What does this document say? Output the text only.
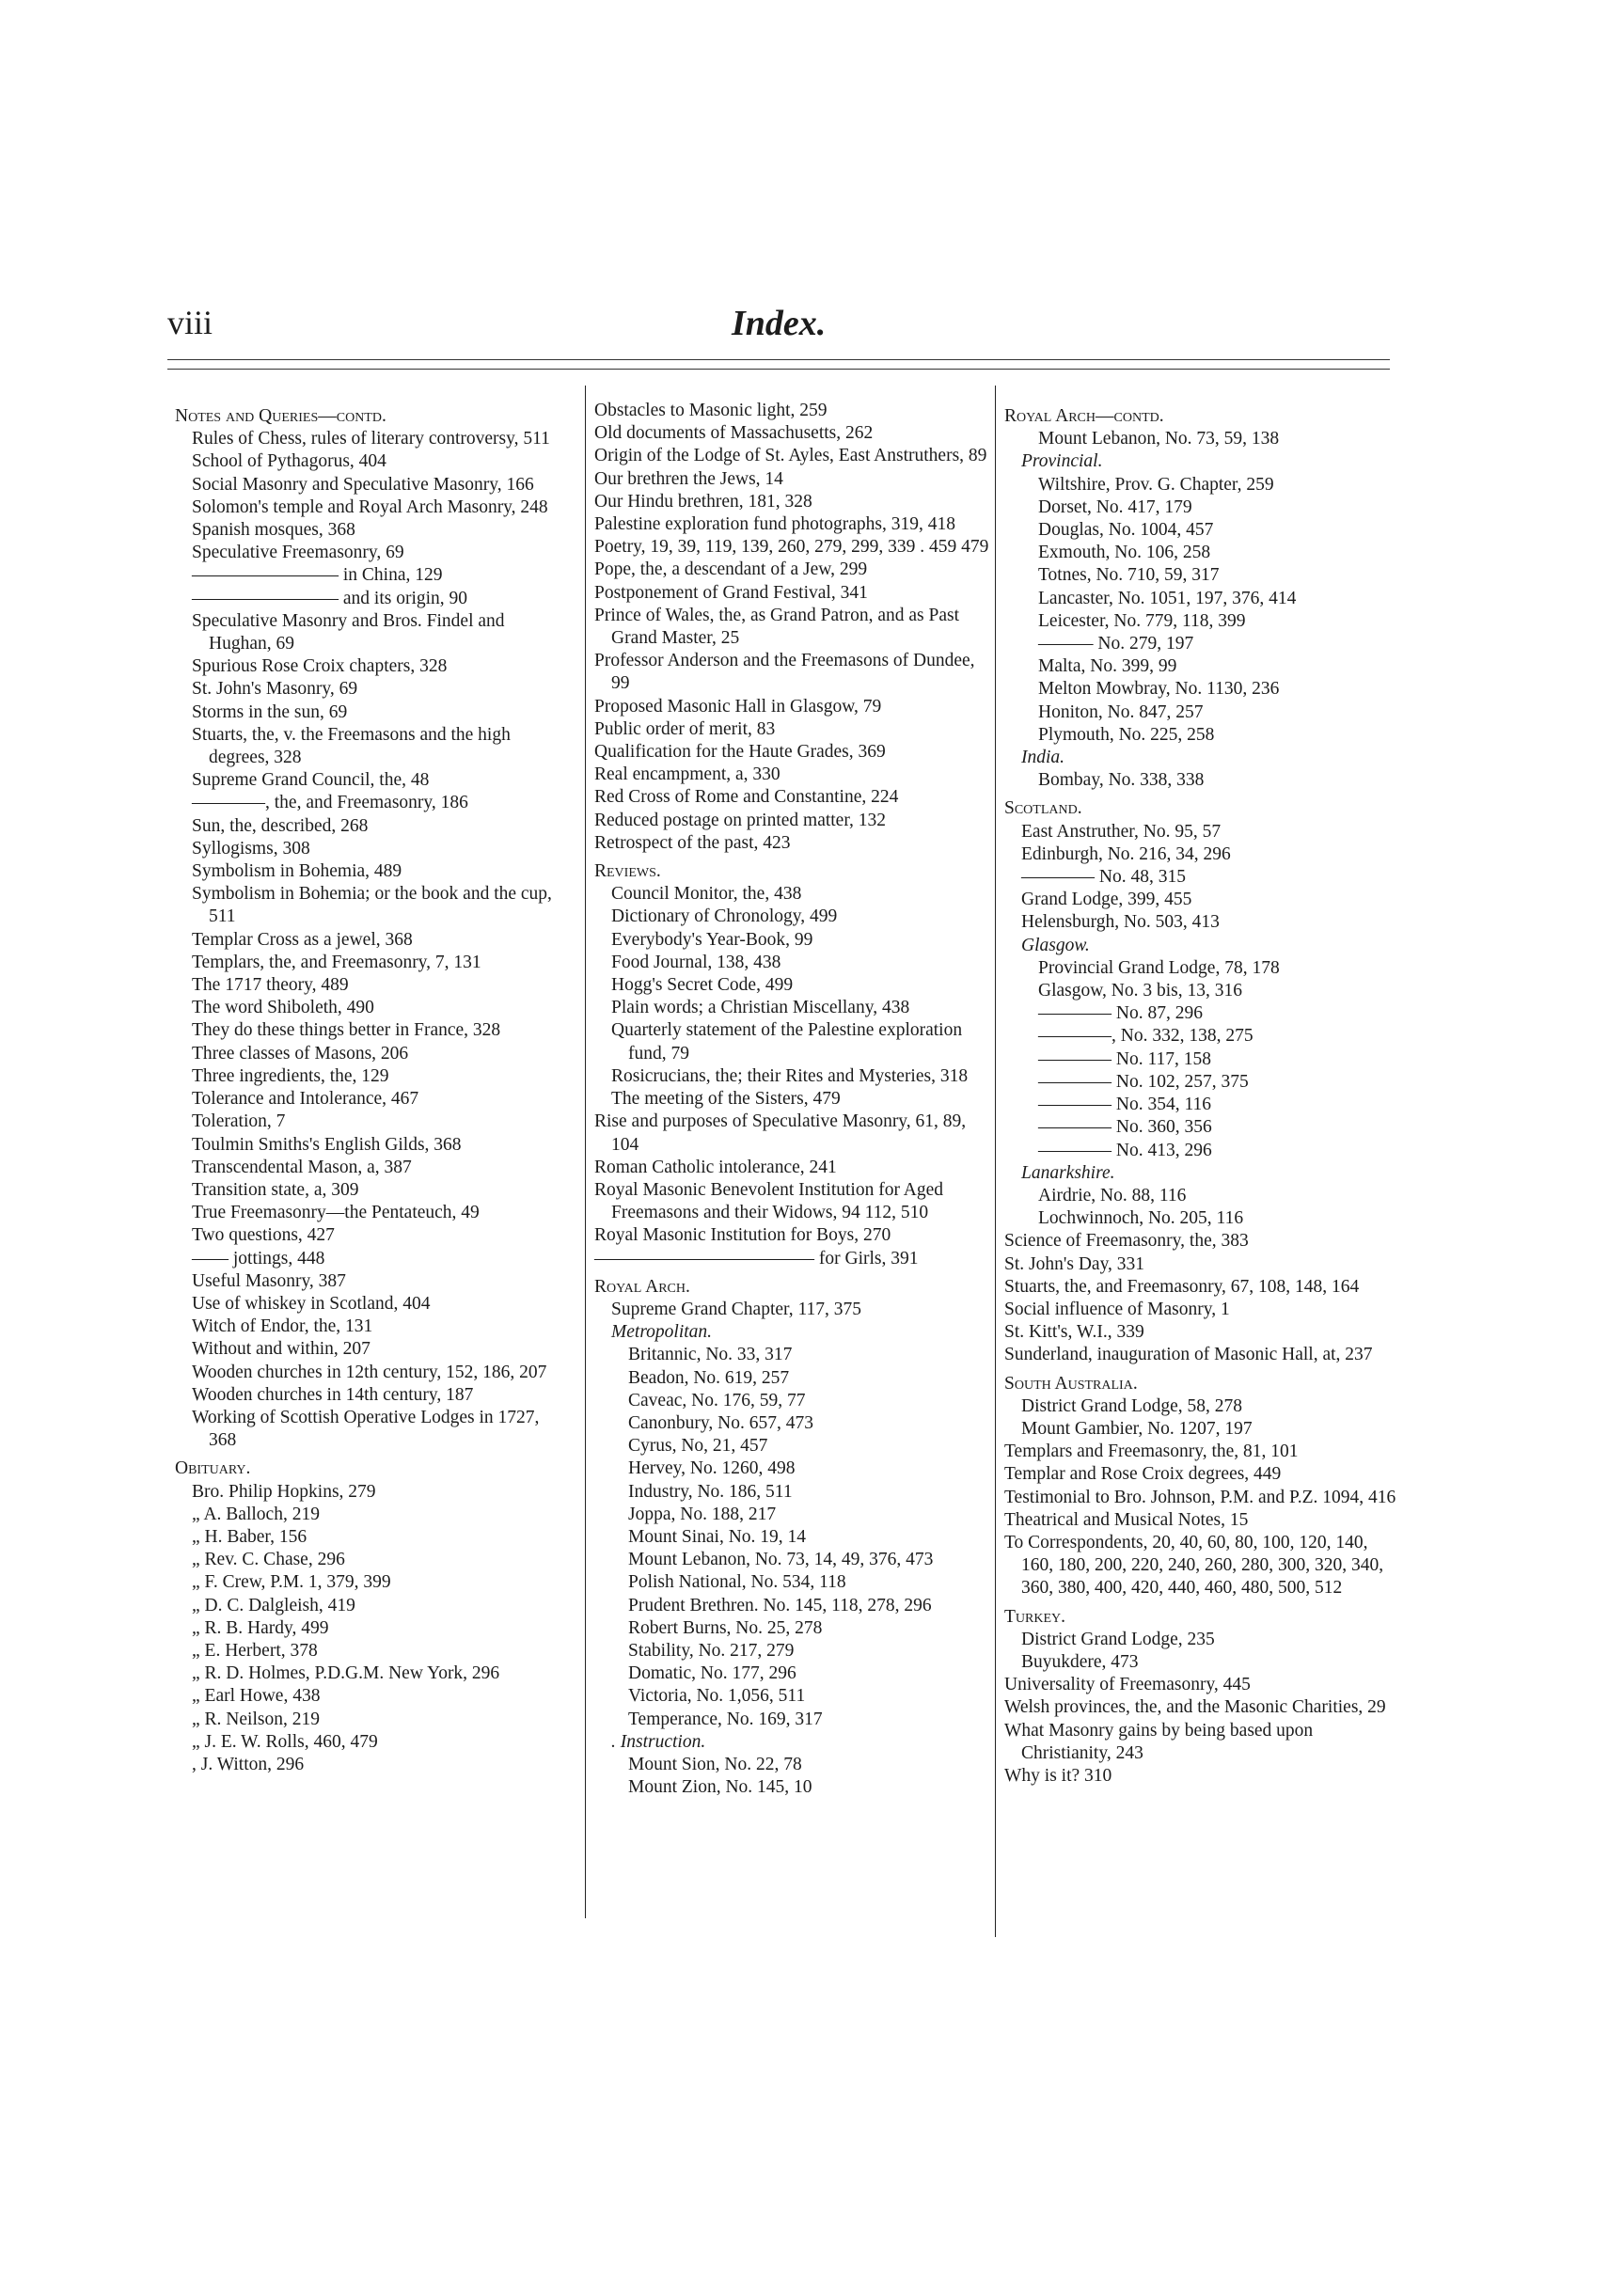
viii	Index.

Notes and Queries—contd.

Rules of Chess, rules of literary controversy, 511

School of Pythagorus, 404

Social Masonry and Speculative Masonry, 166

Solomon's temple and Royal Arch Masonry, 248

Spanish mosques, 368

Speculative Freemasonry, 69

———————— in China, 129

———————— and its origin, 90

Speculative Masonry and Bros. Findel and Hughan, 69

Spurious Rose Croix chapters, 328

St. John's Masonry, 69

Storms in the sun, 69

Stuarts, the, v. the Freemasons and the high degrees, 328

Supreme Grand Council, the, 48

————, the, and Freemasonry, 186

Sun, the, described, 268

Syllogisms, 308

Symbolism in Bohemia, 489

Symbolism in Bohemia; or the book and the cup, 511

Templar Cross as a jewel, 368

Templars, the, and Freemasonry, 7, 131

The 1717 theory, 489

The word Shiboleth, 490

They do these things better in France, 328

Three classes of Masons, 206

Three ingredients, the, 129

Tolerance and Intolerance, 467

Toleration, 7

Toulmin Smiths's English Gilds, 368

Transcendental Mason, a, 387

Transition state, a, 309

True Freemasonry—the Pentateuch, 49

Two questions, 427

—— jottings, 448

Useful Masonry, 387

Use of whiskey in Scotland, 404

Witch of Endor, the, 131

Without and within, 207

Wooden churches in 12th century, 152, 186, 207

Wooden churches in 14th century, 187

Working of Scottish Operative Lodges in 1727, 368

Obituary.

Bro. Philip Hopkins, 279

„ A. Balloch, 219

„ H. Baber, 156

„ Rev. C. Chase, 296

„ F. Crew, P.M. 1, 379, 399

„ D. C. Dalgleish, 419

„ R. B. Hardy, 499

„ E. Herbert, 378

„ R. D. Holmes, P.D.G.M. New York, 296

„ Earl Howe, 438

„ R. Neilson, 219

„ J. E. W. Rolls, 460, 479

, J. Witton, 296

Obstacles to Masonic light, 259

Old documents of Massachusetts, 262

Origin of the Lodge of St. Ayles, East Anstruthers, 89

Our brethren the Jews, 14

Our Hindu brethren, 181, 328

Palestine exploration fund photographs, 319, 418

Poetry, 19, 39, 119, 139, 260, 279, 299, 339 . 459 479

Pope, the, a descendant of a Jew, 299

Postponement of Grand Festival, 341

Prince of Wales, the, as Grand Patron, and as Past Grand Master, 25

Professor Anderson and the Freemasons of Dundee, 99

Proposed Masonic Hall in Glasgow, 79

Public order of merit, 83

Qualification for the Haute Grades, 369

Real encampment, a, 330

Red Cross of Rome and Constantine, 224

Reduced postage on printed matter, 132

Retrospect of the past, 423

Reviews.

Council Monitor, the, 438

Dictionary of Chronology, 499

Everybody's Year-Book, 99

Food Journal, 138, 438

Hogg's Secret Code, 499

Plain words; a Christian Miscellany, 438

Quarterly statement of the Palestine exploration fund, 79

Rosicrucians, the; their Rites and Mysteries, 318

The meeting of the Sisters, 479

Rise and purposes of Speculative Masonry, 61, 89, 104

Roman Catholic intolerance, 241

Royal Masonic Benevolent Institution for Aged Freemasons and their Widows, 94 112, 510

Royal Masonic Institution for Boys, 270

———————————— for Girls, 391

Royal Arch.

Supreme Grand Chapter, 117, 375

Metropolitan.

Britannic, No. 33, 317

Beadon, No. 619, 257

Caveac, No. 176, 59, 77

Canonbury, No. 657, 473

Cyrus, No, 21, 457

Hervey, No. 1260, 498

Industry, No. 186, 511

Joppa, No. 188, 217

Mount Sinai, No. 19, 14

Mount Lebanon, No. 73, 14, 49, 376, 473

Polish National, No. 534, 118

Prudent Brethren. No. 145, 118, 278, 296

Robert Burns, No. 25, 278

Stability, No. 217, 279

Domatic, No. 177, 296

Victoria, No. 1,056, 511

Temperance, No. 169, 317

. Instruction.

Mount Sion, No. 22, 78

Mount Zion, No. 145, 10

Royal Arch—contd.

Mount Lebanon, No. 73, 59, 138

Provincial.

Wiltshire, Prov. G. Chapter, 259

Dorset, No. 417, 179

Douglas, No. 1004, 457

Exmouth, No. 106, 258

Totnes, No. 710, 59, 317

Lancaster, No. 1051, 197, 376, 414

Leicester, No. 779, 118, 399

——— No. 279, 197

Malta, No. 399, 99

Melton Mowbray, No. 1130, 236

Honiton, No. 847, 257

Plymouth, No. 225, 258

India.

Bombay, No. 338, 338

Scotland.

East Anstruther, No. 95, 57

Edinburgh, No. 216, 34, 296

———— No. 48, 315

Grand Lodge, 399, 455

Helensburgh, No. 503, 413

Glasgow.

Provincial Grand Lodge, 78, 178

Glasgow, No. 3 bis, 13, 316

———— No. 87, 296

————, No. 332, 138, 275

———— No. 117, 158

———— No. 102, 257, 375

———— No. 354, 116

———— No. 360, 356

———— No. 413, 296

Lanarkshire.

Airdrie, No. 88, 116

Lochwinnoch, No. 205, 116

Science of Freemasonry, the, 383

St. John's Day, 331

Stuarts, the, and Freemasonry, 67, 108, 148, 164

Social influence of Masonry, 1

St. Kitt's, W.I., 339

Sunderland, inauguration of Masonic Hall, at, 237

South Australia.

District Grand Lodge, 58, 278

Mount Gambier, No. 1207, 197

Templars and Freemasonry, the, 81, 101

Templar and Rose Croix degrees, 449

Testimonial to Bro. Johnson, P.M. and P.Z. 1094, 416

Theatrical and Musical Notes, 15

To Correspondents, 20, 40, 60, 80, 100, 120, 140, 160, 180, 200, 220, 240, 260, 280, 300, 320, 340, 360, 380, 400, 420, 440, 460, 480, 500, 512

Turkey.

District Grand Lodge, 235

Buyukdere, 473

Universality of Freemasonry, 445

Welsh provinces, the, and the Masonic Charities, 29

What Masonry gains by being based upon Christianity, 243

Why is it? 310
